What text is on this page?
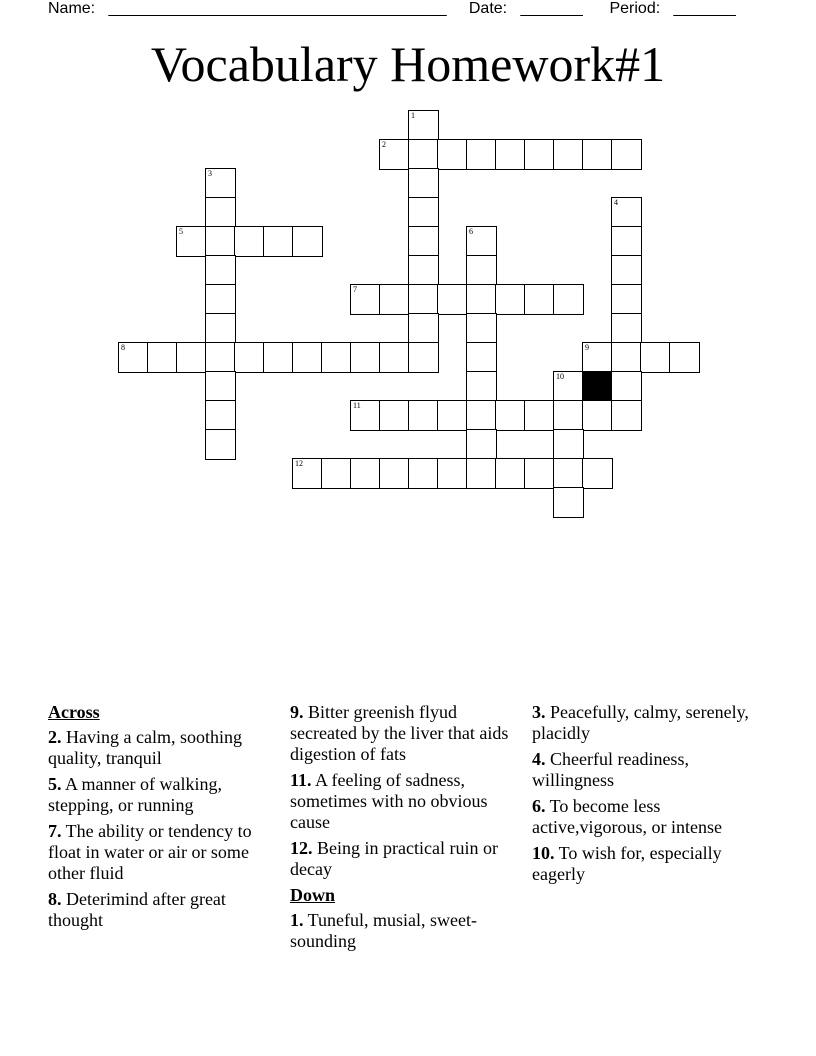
Name: ______________________________________ Date: _______ Period: _______
Vocabulary Homework#1
1
2
3
4
5	6
7
8	9
10
11
12
Across
2. Having a calm, soothing quality, tranquil
5. A manner of walking, stepping, or running
7. The ability or tendency to float in water or air or some other fluid
8. Deterimind after great thought
9. Bitter greenish flyud secreated by the liver that aids digestion of fats
11. A feeling of sadness, sometimes with no obvious cause
12. Being in practical ruin or decay
Down
1. Tuneful, musial, sweet-sounding
3. Peacefully, calmy, serenely, placidly
4. Cheerful readiness, willingness
6. To become less active,vigorous, or intense
10. To wish for, especially eagerly
